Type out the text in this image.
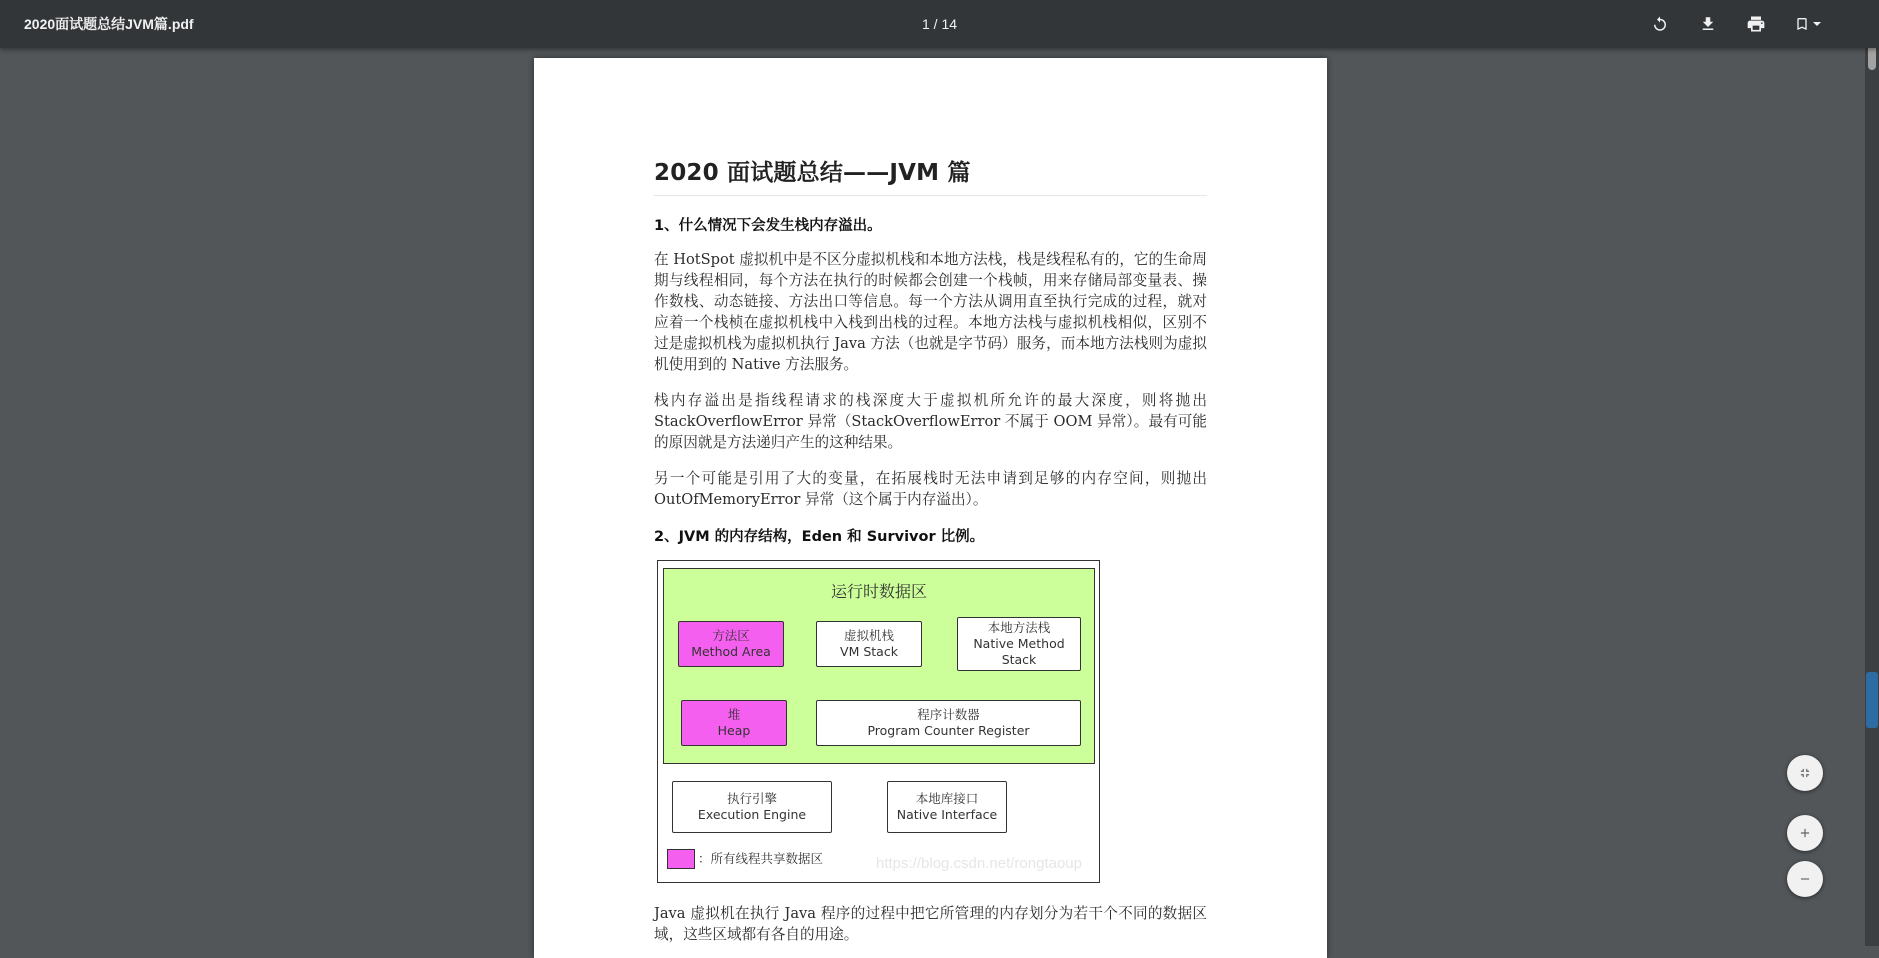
2020面试题总结JVM篇.pdf	1 / 14
2020 面试题总结——JVM 篇
1、什么情况下会发生栈内存溢出。
在 HotSpot 虚拟机中是不区分虚拟机栈和本地方法栈，栈是线程私有的，它的生命周期与线程相同，每个方法在执行的时候都会创建一个栈帧，用来存储局部变量表、操作数栈、动态链接、方法出口等信息。每一个方法从调用直至执行完成的过程，就对应着一个栈桢在虚拟机栈中入栈到出栈的过程。本地方法栈与虚拟机栈相似，区别不过是虚拟机栈为虚拟机执行 Java 方法（也就是字节码）服务，而本地方法栈则为虚拟机使用到的 Native 方法服务。
栈内存溢出是指线程请求的栈深度大于虚拟机所允许的最大深度，则将抛出 StackOverflowError 异常（StackOverflowError 不属于 OOM 异常）。最有可能的原因就是方法递归产生的这种结果。
另一个可能是引用了大的变量，在拓展栈时无法申请到足够的内存空间，则抛出 OutOfMemoryError 异常（这个属于内存溢出）。
2、JVM 的内存结构，Eden 和 Survivor 比例。
运行时数据区
方法区
Method Area
虚拟机栈
VM Stack
本地方法栈
Native Method
Stack
堆
Heap
程序计数器
Program Counter Register
执行引擎
Execution Engine
本地库接口
Native Interface
：所有线程共享数据区	https://blog.csdn.net/rongtaoup
Java 虚拟机在执行 Java 程序的过程中把它所管理的内存划分为若干个不同的数据区域，这些区域都有各自的用途。
